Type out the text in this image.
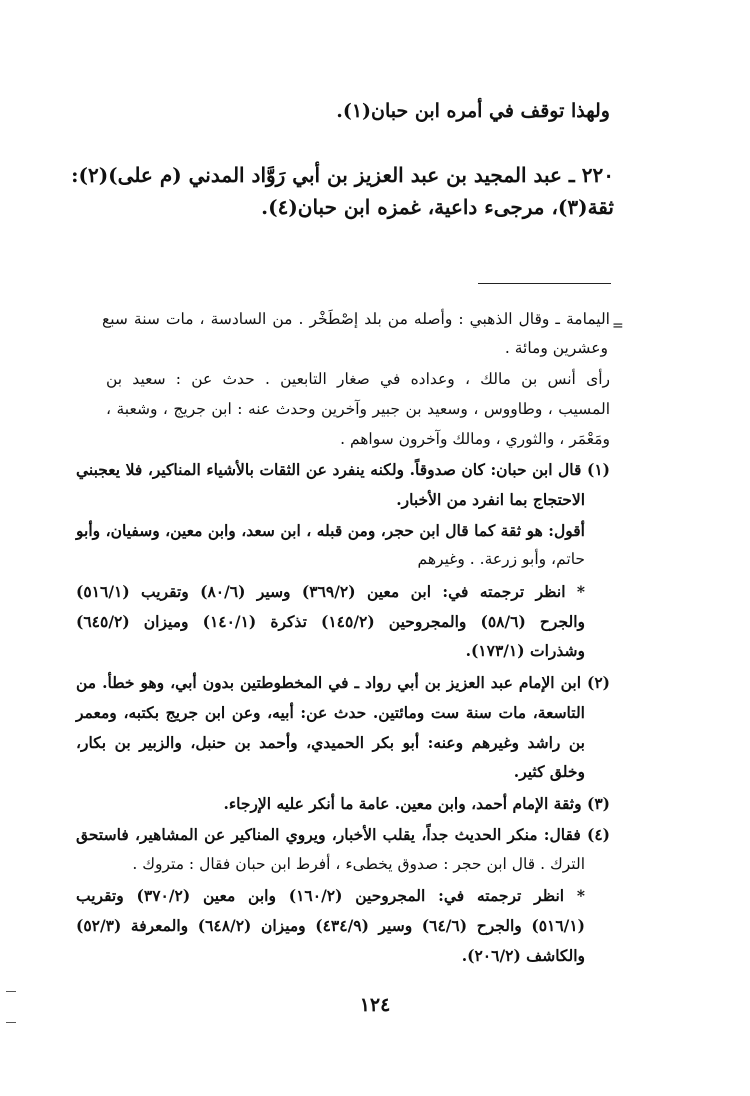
ولهذا توقف في أمره ابن حبان(١).
٢٢٠ ـ عبد المجيد بن عبد العزيز بن أبي رَوَّاد المدني (م على)(٢):
ثقة(٣)، مرجىء داعية، غمزه ابن حبان(٤).
=
اليمامة ـ وقال الذهبي : وأصله من بلد إصْطَخْر . من السادسة ، مات سنة سبع
وعشرين ومائة .
رأى أنس بن مالك ، وعداده في صغار التابعين . حدث عن : سعيد بن
المسيب ، وطاووس ، وسعيد بن جبير وآخرين وحدث عنه : ابن جريج ، وشعبة ،
ومَعْمَر ، والثوري ، ومالك وآخرون سواهم .
(١) قال ابن حبان: كان صدوقاً. ولكنه ينفرد عن الثقات بالأشياء المناكير، فلا يعجبني
الاحتجاج بما انفرد من الأخبار.
أقول: هو ثقة كما قال ابن حجر، ومن قبله ، ابن سعد، وابن معين، وسفيان، وأبو
حاتم، وأبو زرعة. . وغيرهم
* انظر ترجمته في: ابن معين (٣٦٩/٢) وسير (٨٠/٦) وتقريب (٥١٦/١)
والجرح (٥٨/٦) والمجروحين (١٤٥/٢) تذكرة (١٤٠/١) وميزان (٦٤٥/٢)
وشذرات (١٧٣/١).
(٢) ابن الإمام عبد العزيز بن أبي رواد ـ في المخطوطتين بدون أبي، وهو خطأ. من
التاسعة، مات سنة ست ومائتين. حدث عن: أبيه، وعن ابن جريج بكتبه، ومعمر
بن راشد وغيرهم وعنه: أبو بكر الحميدي، وأحمد بن حنبل، والزبير بن بكار،
وخلق كثير.
(٣) وثقة الإمام أحمد، وابن معين. عامة ما أنكر عليه الإرجاء.
(٤) فقال: منكر الحديث جداً، يقلب الأخبار، ويروي المناكير عن المشاهير، فاستحق
الترك . قال ابن حجر : صدوق يخطىء ، أفرط ابن حبان فقال : متروك .
* انظر ترجمته في: المجروحين (١٦٠/٢) وابن معين (٣٧٠/٢) وتقريب
(٥١٦/١) والجرح (٦٤/٦) وسير (٤٣٤/٩) وميزان (٦٤٨/٢) والمعرفة (٥٢/٣)
والكاشف (٢٠٦/٢).
١٢٤
